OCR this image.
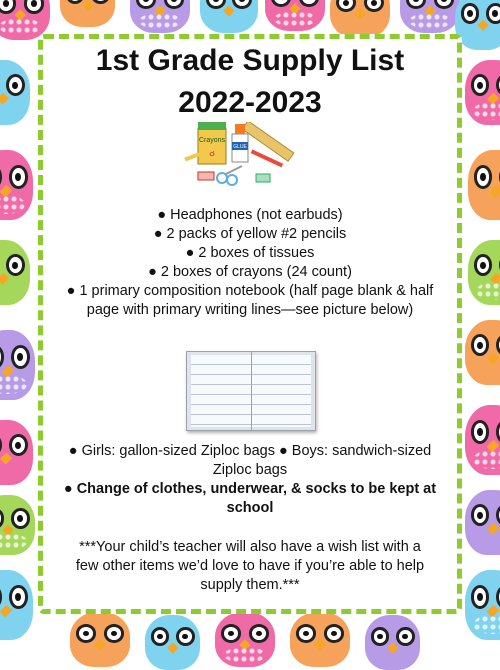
1st Grade Supply List
2022-2023
Crayons
8
GLUE

● Headphones (not earbuds)

● 2 packs of yellow #2 pencils

● 2 boxes of tissues

● 2 boxes of crayons (24 count)

● 1 primary composition notebook (half page blank & half page with primary writing lines—see picture below)

● Girls: gallon-sized Ziploc bags ● Boys: sandwich-sized Ziploc bags

● Change of clothes, underwear, & socks to be kept at school

***Your child’s teacher will also have a wish list with a few other items we’d love to have if you’re able to help supply them.***
